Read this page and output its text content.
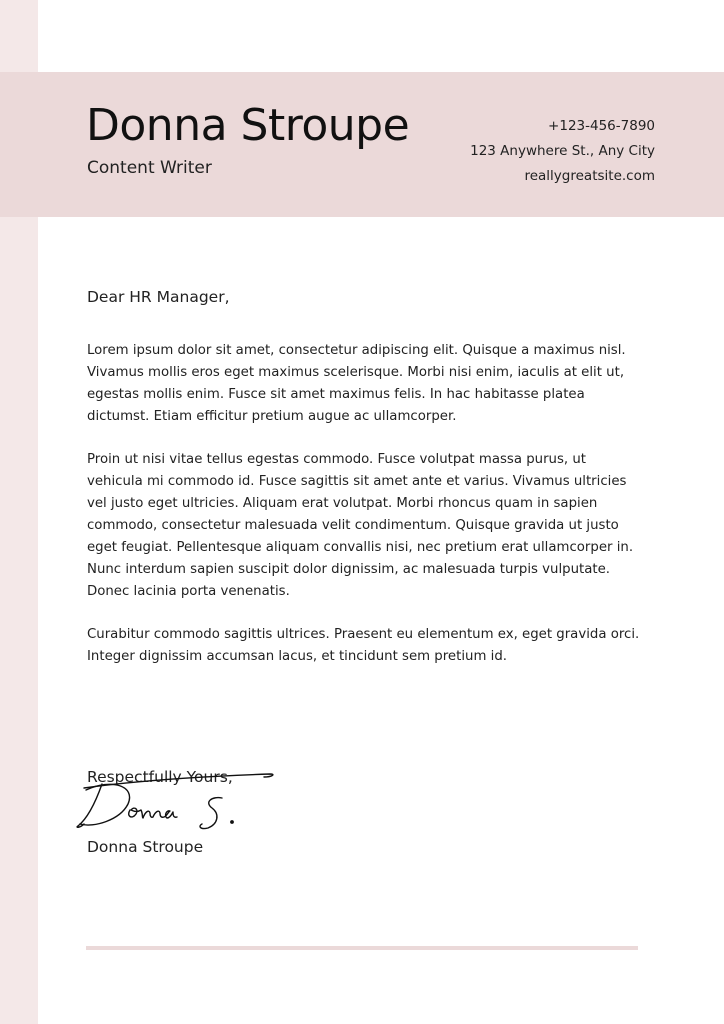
Donna Stroupe
Content Writer
+123-456-7890
123 Anywhere St., Any City
reallygreatsite.com
Dear HR Manager,

Lorem ipsum dolor sit amet, consectetur adipiscing elit. Quisque a maximus nisl. Vivamus mollis eros eget maximus scelerisque. Morbi nisi enim, iaculis at elit ut, egestas mollis enim. Fusce sit amet maximus felis. In hac habitasse platea dictumst. Etiam efficitur pretium augue ac ullamcorper.

Proin ut nisi vitae tellus egestas commodo. Fusce volutpat massa purus, ut vehicula mi commodo id. Fusce sagittis sit amet ante et varius. Vivamus ultricies vel justo eget ultricies. Aliquam erat volutpat. Morbi rhoncus quam in sapien commodo, consectetur malesuada velit condimentum. Quisque gravida ut justo eget feugiat. Pellentesque aliquam convallis nisi, nec pretium erat ullamcorper in. Nunc interdum sapien suscipit dolor dignissim, ac malesuada turpis vulputate. Donec lacinia porta venenatis.

Curabitur commodo sagittis ultrices. Praesent eu elementum ex, eget gravida orci. Integer dignissim accumsan lacus, et tincidunt sem pretium id.

Respectfully Yours,
Donna Stroupe
